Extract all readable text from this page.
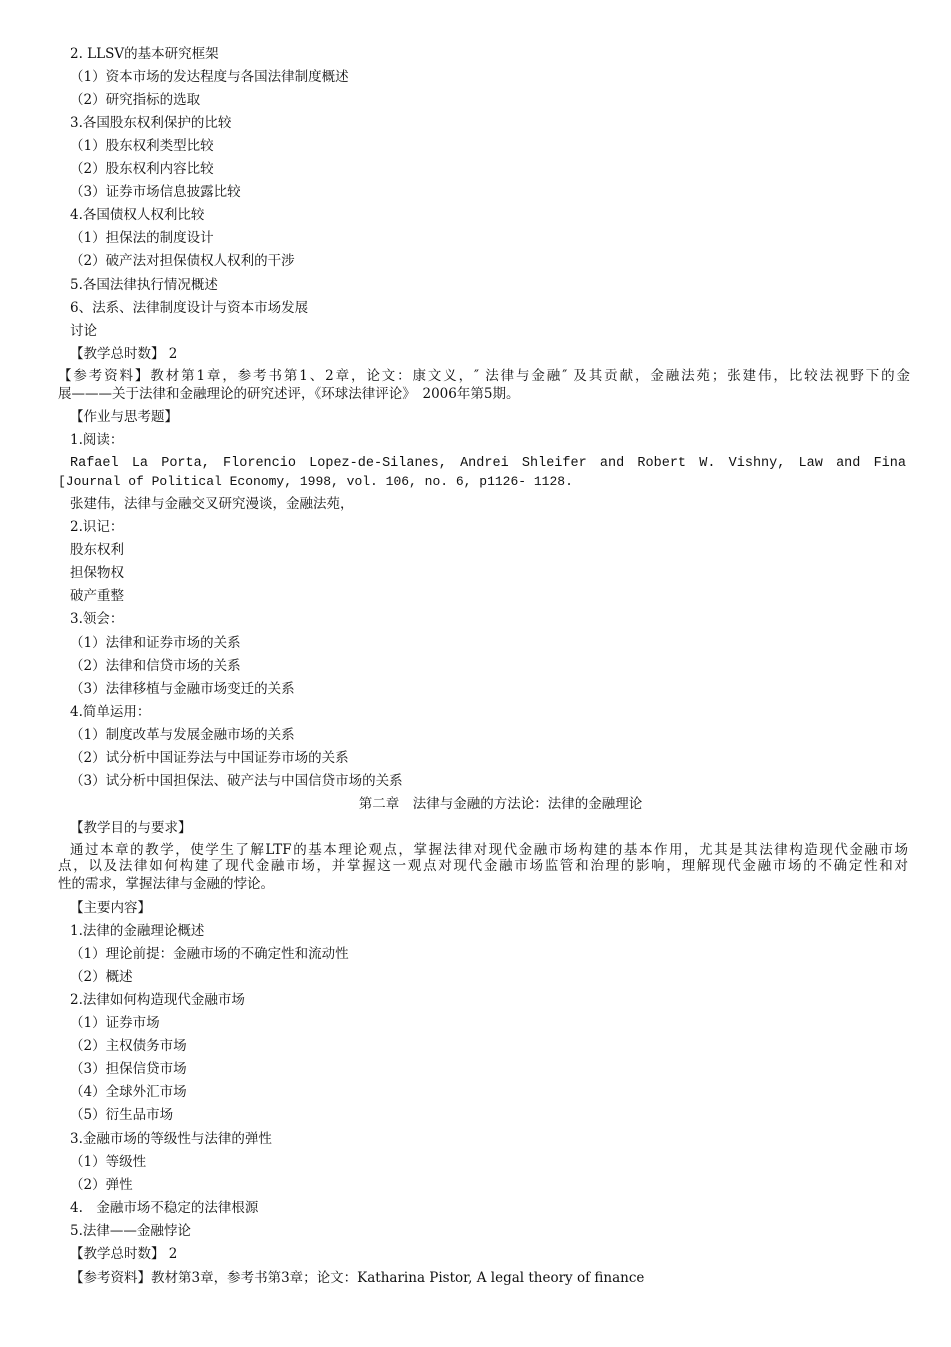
2. LLSV的基本研究框架
（1）资本市场的发达程度与各国法律制度概述
（2）研究指标的选取
3.各国股东权利保护的比较
（1）股东权利类型比较
（2）股东权利内容比较
（3）证券市场信息披露比较
4.各国债权人权利比较
（1）担保法的制度设计
（2）破产法对担保债权人权利的干涉
5.各国法律执行情况概述
6、法系、法律制度设计与资本市场发展
讨论
【教学总时数】 2
【参考资料】教材第1章，参考书第1、2章，论文：康文义，″ 法律与金融″ 及其贡献，金融法苑；张建伟，比较法视野下的金
展———关于法律和金融理论的研究述评，《环球法律评论》　2006年第5期。
【作业与思考题】
1.阅读：
Rafael La Porta, Florencio Lopez-de-Silanes, Andrei Shleifer and Robert W. Vishny, Law and Fina
[Journal of Political Economy, 1998, vol. 106, no. 6, p1126- 1128.
张建伟，法律与金融交叉研究漫谈，金融法苑，
2.识记：
股东权利
担保物权
破产重整
3.领会：
（1）法律和证券市场的关系
（2）法律和信贷市场的关系
（3）法律移植与金融市场变迁的关系
4.简单运用：
（1）制度改革与发展金融市场的关系
（2）试分析中国证券法与中国证券市场的关系
（3）试分析中国担保法、破产法与中国信贷市场的关系
第二章　法律与金融的方法论：法律的金融理论
【教学目的与要求】
通过本章的教学，使学生了解LTF的基本理论观点，掌握法律对现代金融市场构建的基本作用，尤其是其法律构造现代金融市场
点，以及法律如何构建了现代金融市场，并掌握这一观点对现代金融市场监管和治理的影响，理解现代金融市场的不确定性和对
性的需求，掌握法律与金融的悖论。
【主要内容】
1.法律的金融理论概述
（1）理论前提：金融市场的不确定性和流动性
（2）概述
2.法律如何构造现代金融市场
（1）证券市场
（2）主权债务市场
（3）担保信贷市场
（4）全球外汇市场
（5）衍生品市场
3.金融市场的等级性与法律的弹性
（1）等级性
（2）弹性
4.　金融市场不稳定的法律根源
5.法律——金融悖论
【教学总时数】 2
【参考资料】教材第3章，参考书第3章；论文：Katharina Pistor, A legal theory of finance
